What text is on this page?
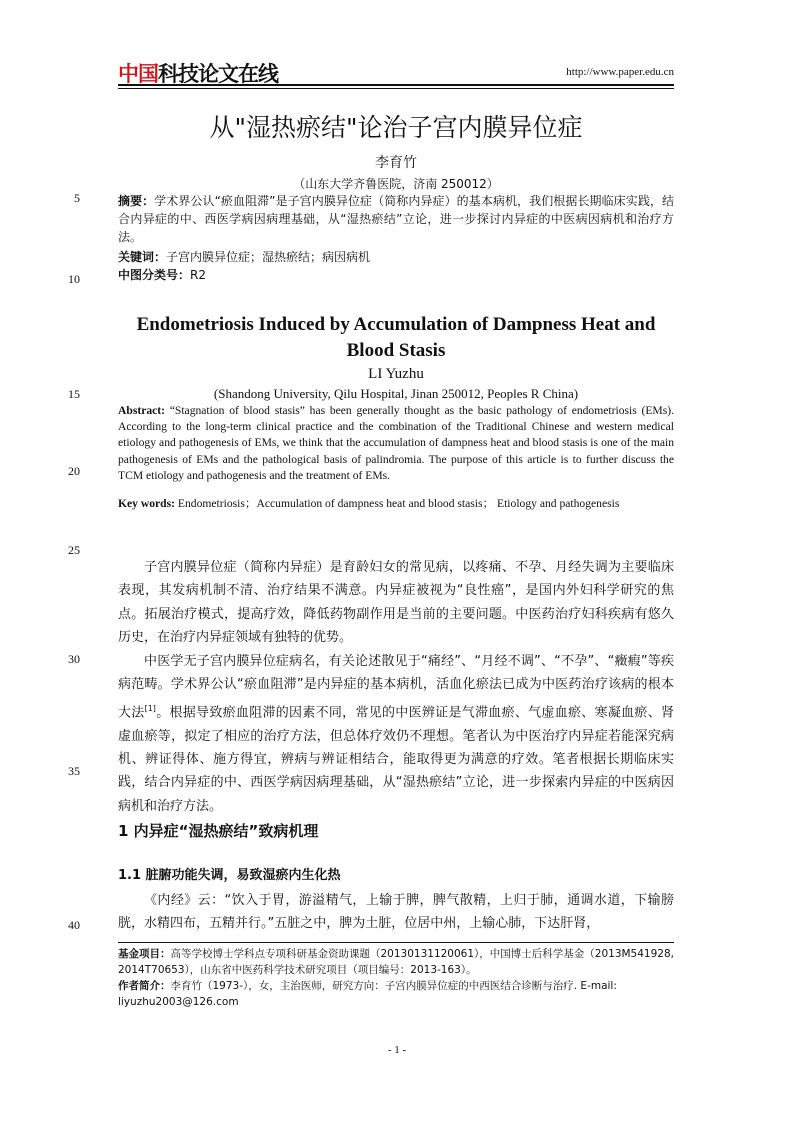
中国科技论文在线	http://www.paper.edu.cn
从"湿热瘀结"论治子宫内膜异位症
李育竹
（山东大学齐鲁医院，济南 250012）
5
10
15
20
25
30
35
40
摘要：学术界公认“瘀血阻滞”是子宫内膜异位症（简称内异症）的基本病机，我们根据长期临床实践，结合内异症的中、西医学病因病理基础，从“湿热瘀结”立论，进一步探讨内异症的中医病因病机和治疗方法。
关键词：子宫内膜异位症；湿热瘀结；病因病机
中图分类号：R2
Endometriosis Induced by Accumulation of Dampness Heat and Blood Stasis
LI Yuzhu
(Shandong University, Qilu Hospital, Jinan 250012, Peoples R China)
Abstract: “Stagnation of blood stasis” has been generally thought as the basic pathology of endometriosis (EMs). According to the long-term clinical practice and the combination of the Traditional Chinese and western medical etiology and pathogenesis of EMs, we think that the accumulation of dampness heat and blood stasis is one of the main pathogenesis of EMs and the pathological basis of palindromia. The purpose of this article is to further discuss the TCM etiology and pathogenesis and the treatment of EMs.
Key words: Endometriosis；Accumulation of dampness heat and blood stasis； Etiology and pathogenesis
子宫内膜异位症（简称内异症）是育龄妇女的常见病，以疼痛、不孕、月经失调为主要临床表现，其发病机制不清、治疗结果不满意。内异症被视为“良性癌”，是国内外妇科学研究的焦点。拓展治疗模式，提高疗效，降低药物副作用是当前的主要问题。中医药治疗妇科疾病有悠久历史，在治疗内异症领域有独特的优势。
中医学无子宫内膜异位症病名，有关论述散见于“痛经”、“月经不调”、“不孕”、“癥瘕”等疾病范畴。学术界公认“瘀血阻滞”是内异症的基本病机，活血化瘀法已成为中医药治疗该病的根本大法[1]。根据导致瘀血阻滞的因素不同，常见的中医辨证是气滞血瘀、气虚血瘀、寒凝血瘀、肾虚血瘀等，拟定了相应的治疗方法，但总体疗效仍不理想。笔者认为中医治疗内异症若能深究病机、辨证得体、施方得宜，辨病与辨证相结合，能取得更为满意的疗效。笔者根据长期临床实践，结合内异症的中、西医学病因病理基础，从“湿热瘀结”立论，进一步探索内异症的中医病因病机和治疗方法。
1 内异症“湿热瘀结”致病机理
1.1 脏腑功能失调，易致湿瘀内生化热
《内经》云：“饮入于胃，游溢精气，上输于脾，脾气散精，上归于肺，通调水道，下输膀胱，水精四布，五精并行。”五脏之中，脾为土脏，位居中州，上输心肺，下达肝肾，
基金项目：高等学校博士学科点专项科研基金资助课题（20130131120061），中国博士后科学基金（2013M541928, 2014T70653），山东省中医药科学技术研究项目（项目编号：2013-163）。
作者简介：李育竹（1973-），女，主治医师，研究方向：子宫内膜异位症的中西医结合诊断与治疗. E-mail: liyuzhu2003@126.com
- 1 -
